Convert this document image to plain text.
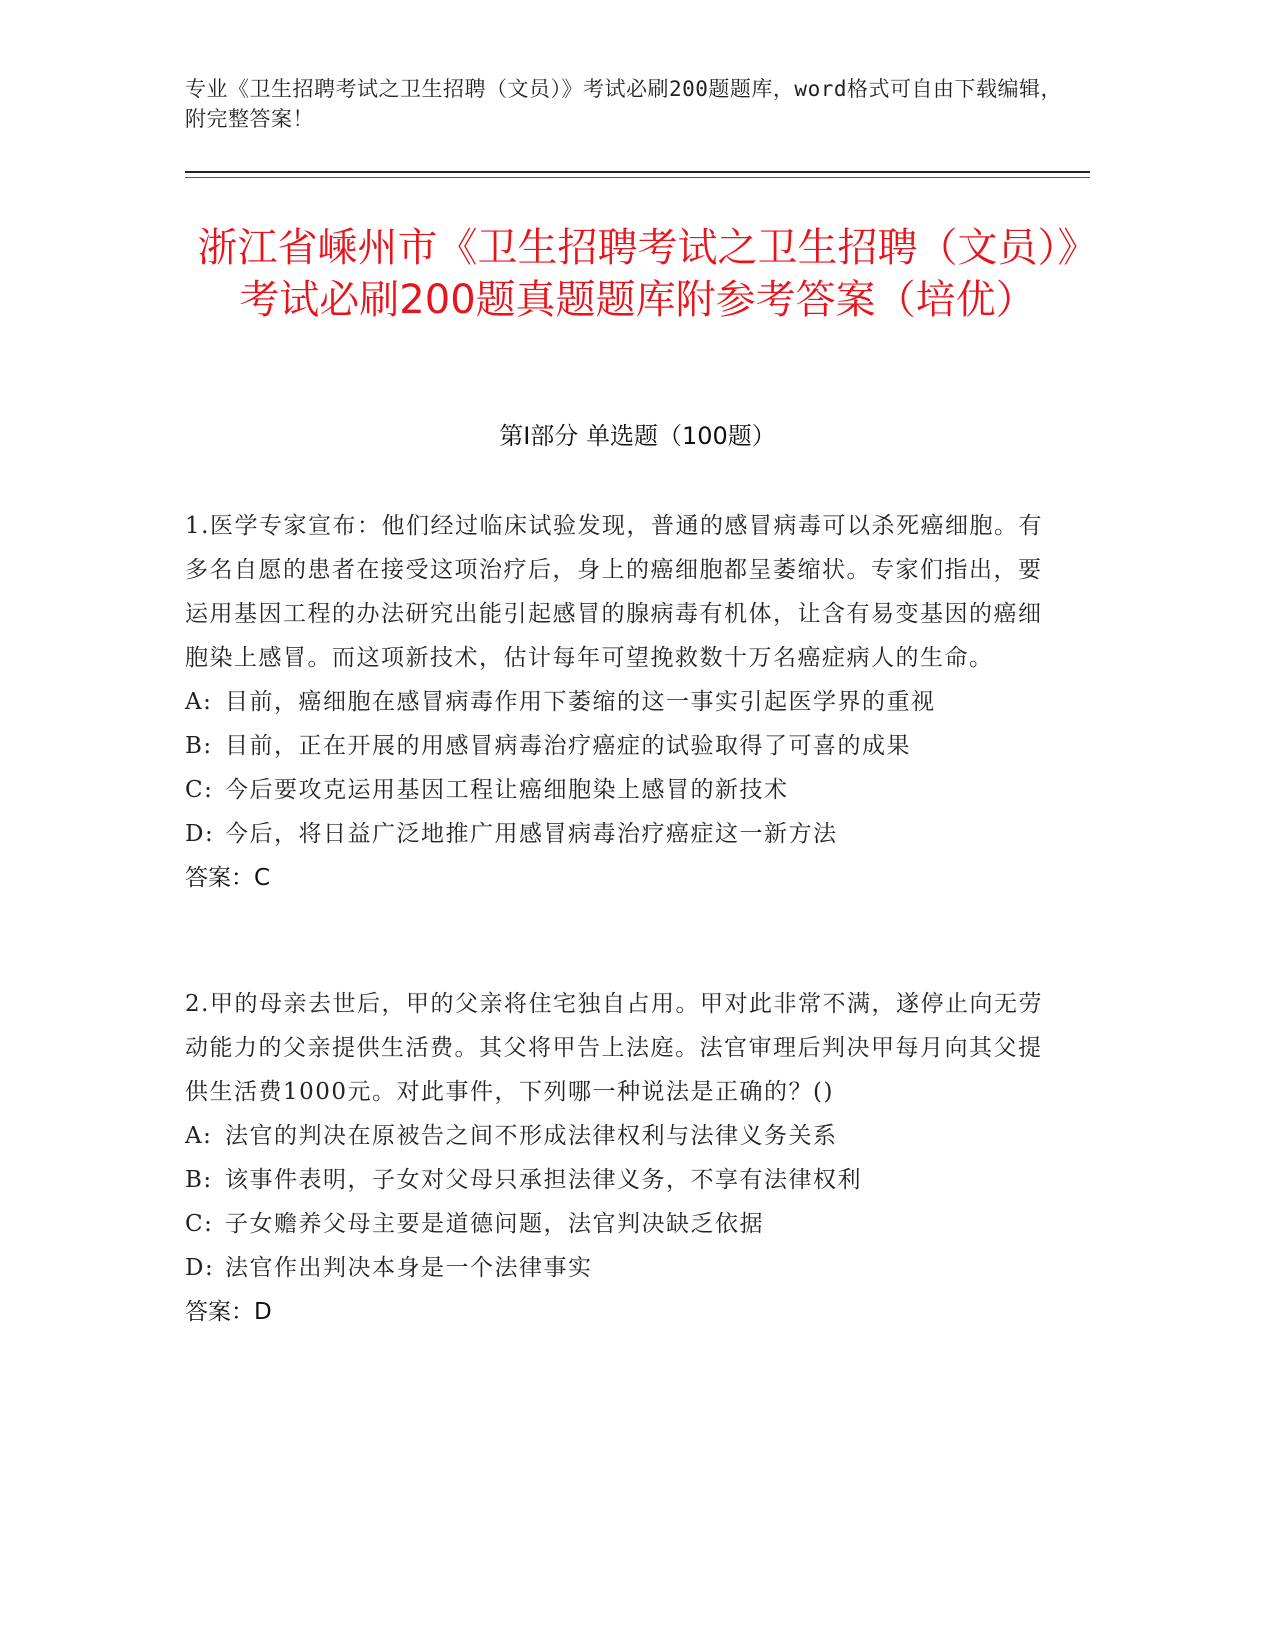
专业《卫生招聘考试之卫生招聘（文员）》考试必刷200题题库，word格式可自由下载编辑，附完整答案！
浙江省嵊州市《卫生招聘考试之卫生招聘（文员）》考试必刷200题真题题库附参考答案（培优）
第I部分 单选题（100题）

1.医学专家宣布：他们经过临床试验发现，普通的感冒病毒可以杀死癌细胞。有多名自愿的患者在接受这项治疗后，身上的癌细胞都呈萎缩状。专家们指出，要运用基因工程的办法研究出能引起感冒的腺病毒有机体，让含有易变基因的癌细胞染上感冒。而这项新技术，估计每年可望挽救数十万名癌症病人的生命。

A: 目前，癌细胞在感冒病毒作用下萎缩的这一事实引起医学界的重视
B: 目前，正在开展的用感冒病毒治疗癌症的试验取得了可喜的成果
C: 今后要攻克运用基因工程让癌细胞染上感冒的新技术
D: 今后，将日益广泛地推广用感冒病毒治疗癌症这一新方法
答案：C

2.甲的母亲去世后，甲的父亲将住宅独自占用。甲对此非常不满，遂停止向无劳动能力的父亲提供生活费。其父将甲告上法庭。法官审理后判决甲每月向其父提供生活费1000元。对此事件，下列哪一种说法是正确的？()

A: 法官的判决在原被告之间不形成法律权利与法律义务关系
B: 该事件表明，子女对父母只承担法律义务，不享有法律权利
C: 子女赡养父母主要是道德问题，法官判决缺乏依据
D: 法官作出判决本身是一个法律事实
答案：D
